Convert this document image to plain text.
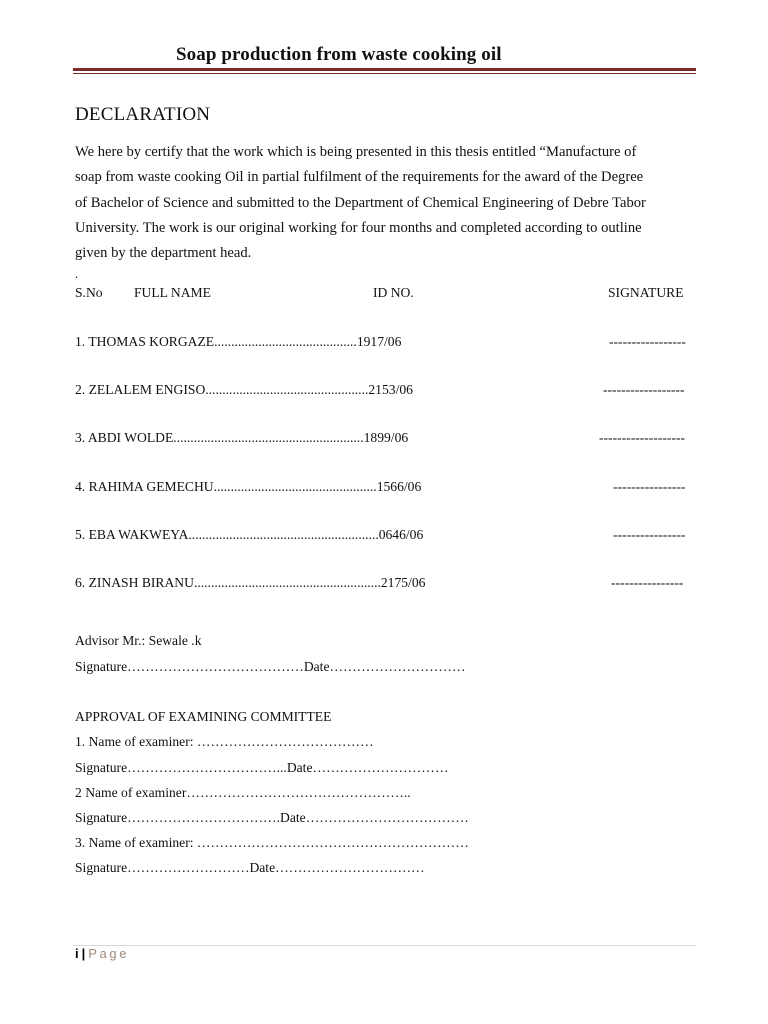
Soap production from waste cooking oil
DECLARATION
We here by certify that the work which is being presented in this thesis entitled “Manufacture of
soap from waste cooking Oil in partial fulfilment of the requirements for the award of the Degree
of Bachelor of Science and submitted to the Department of Chemical Engineering of Debre Tabor
University. The work is our original working for four months and completed according to outline
given by the department head.
.
S.No FULL NAME	ID NO.	SIGNATURE
1. THOMAS KORGAZE..........................................1917/06	-----------------
2. ZELALEM ENGISO................................................2153/06	------------------
3. ABDI WOLDE........................................................1899/06	-------------------
4. RAHIMA GEMECHU................................................1566/06	----------------
5. EBA WAKWEYA........................................................0646/06	----------------
6. ZINASH BIRANU.......................................................2175/06	----------------
Advisor Mr.: Sewale .k
Signature…………………………………Date…………………………
APPROVAL OF EXAMINING COMMITTEE
1. Name of examiner: …………………………………
Signature……………………………...Date…………………………
2 Name of examiner…………………………………………..
Signature…………………………….Date………………………………
3. Name of examiner: ……………………………………………………
Signature………………………Date……………………………
i | Page
